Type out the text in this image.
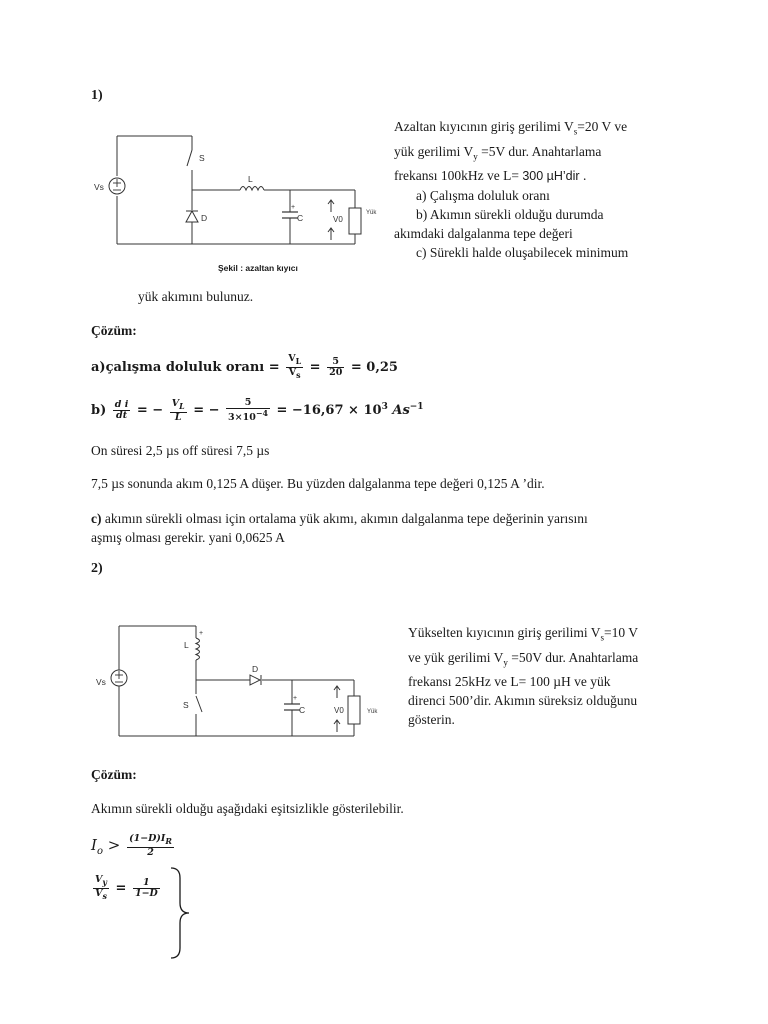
1)
Vs
S
L
D	C
+
V0
Yük
Şekil : azaltan kıyıcı
Azaltan kıyıcının giriş gerilimi $V_s=20$ V ve
yük gerilimi $V_y =5V$ dur. Anahtarlama
frekansı 100kHz ve L= 300 µH’dir .
a) Çalışma doluluk oranı
b) Akımın sürekli olduğu durumda
akımdaki dalgalanma tepe değeri
c) Sürekli halde oluşabilecek minimum
yük akımını bulunuz.
Çözüm:
a)çalışma doluluk oranı = $\frac{V_L}{V_s} = \frac{5}{20} = 0,25$
$b) \frac{\text{d i}}{dt}$ = − $\frac{V_L}{L}$ = − $\frac{5}{3\times 10^{-4}} = -16,67 \times 10^3$ $As^{-1}$
On süresi 2,5 µs off süresi 7,5 µs
7,5 µs sonunda akım 0,125 A düşer. Bu yüzden dalgalanma tepe değeri 0,125 A ’dir.
c) akımın sürekli olması için ortalama yük akımı, akımın dalgalanma tepe değerinin yarısını
aşmış olması gerekir. yani 0,0625 A
2)
Vs
S
L
+
D
C
+
V0	Yük
Yükselten kıyıcının giriş gerilimi $V_s=10$ V
ve yük gerilimi $V_y =50V$ dur. Anahtarlama
frekansı 25kHz ve L= 100 µH ve yük
direnci 500’dir. Akımın süreksiz olduğunu
gösterin.
Çözüm:
Akımın sürekli olduğu aşağıdaki eşitsizlikle gösterilebilir.
$I_o > \frac{(1-D)I_R}{2}$
$\frac{V_y}{V_s} = \frac{1}{1-D}$
